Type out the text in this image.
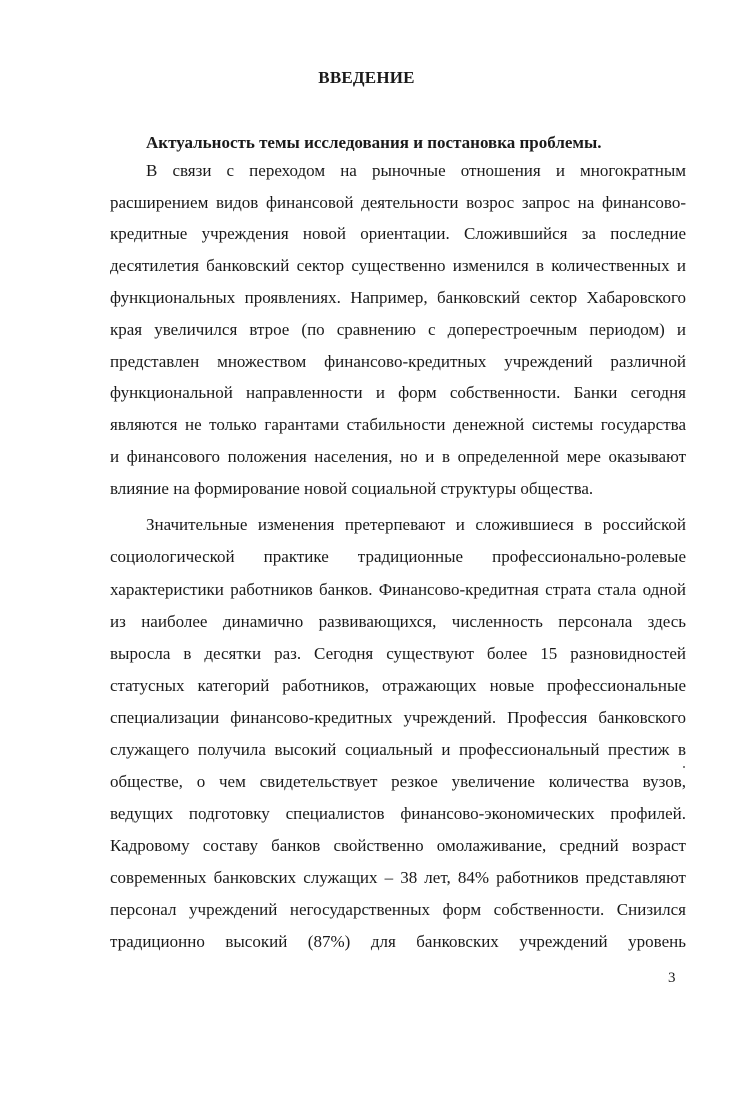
ВВЕДЕНИЕ
Актуальность темы исследования и постановка проблемы.
В связи с переходом на рыночные отношения и многократным
расширением видов финансовой деятельности возрос запрос на финансово-
кредитные учреждения новой ориентации. Сложившийся за последние
десятилетия банковский сектор существенно изменился в количественных и
функциональных проявлениях. Например, банковский сектор Хабаровского
края увеличился втрое (по сравнению с доперестроечным периодом) и
представлен множеством финансово-кредитных учреждений различной
функциональной направленности и форм собственности. Банки сегодня
являются не только гарантами стабильности денежной системы государства
и финансового положения населения, но и в определенной мере оказывают
влияние на формирование новой социальной структуры общества.
Значительные изменения претерпевают и сложившиеся в российской
социологической практике традиционные профессионально-ролевые
характеристики работников банков. Финансово-кредитная страта стала одной
из наиболее динамично развивающихся, численность персонала здесь
выросла в десятки раз. Сегодня существуют более 15 разновидностей
статусных категорий работников, отражающих новые профессиональные
специализации финансово-кредитных учреждений. Профессия банковского
служащего получила высокий социальный и профессиональный престиж в
обществе, о чем свидетельствует резкое увеличение количества вузов,
ведущих подготовку специалистов финансово-экономических профилей.
Кадровому составу банков свойственно омолаживание, средний возраст
современных банковских служащих – 38 лет, 84% работников представляют
персонал учреждений негосударственных форм собственности. Снизился
традиционно высокий (87%) для банковских учреждений уровень
3
